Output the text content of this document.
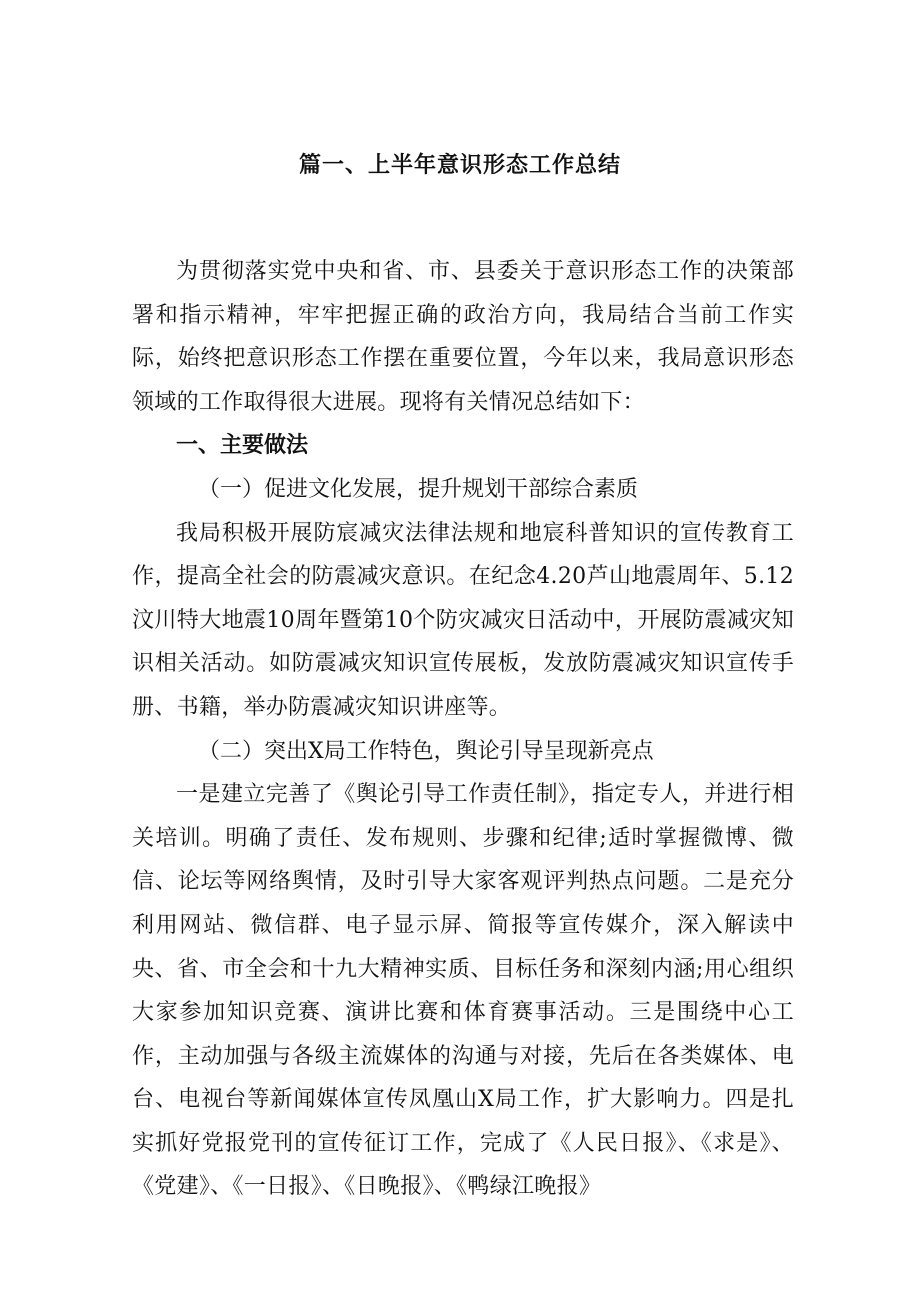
篇一、上半年意识形态工作总结

为贯彻落实党中央和省、市、县委关于意识形态工作的决策部署和指示精神，牢牢把握正确的政治方向，我局结合当前工作实际，始终把意识形态工作摆在重要位置，今年以来，我局意识形态领域的工作取得很大进展。现将有关情况总结如下：

一、主要做法

（一）促进文化发展，提升规划干部综合素质

我局积极开展防宸减灾法律法规和地宸科普知识的宣传教育工作，提高全社会的防震减灾意识。在纪念4.20芦山地震周年、5.12汶川特大地震10周年暨第10个防灾减灾日活动中，开展防震减灾知识相关活动。如防震减灾知识宣传展板，发放防震减灾知识宣传手册、书籍，举办防震减灾知识讲座等。

（二）突出X局工作特色，舆论引导呈现新亮点

一是建立完善了《舆论引导工作责任制》，指定专人，并进行相关培训。明确了责任、发布规则、步骤和纪律;适时掌握微博、微信、论坛等网络舆情，及时引导大家客观评判热点问题。二是充分利用网站、微信群、电子显示屏、简报等宣传媒介，深入解读中央、省、市全会和十九大精神实质、目标任务和深刻内涵;用心组织大家参加知识竞赛、演讲比赛和体育赛事活动。三是围绕中心工作，主动加强与各级主流媒体的沟通与对接，先后在各类媒体、电台、电视台等新闻媒体宣传凤凰山X局工作，扩大影响力。四是扎实抓好党报党刊的宣传征订工作，完成了《人民日报》、《求是》、《党建》、《一日报》、《日晚报》、《鸭绿江晚报》
